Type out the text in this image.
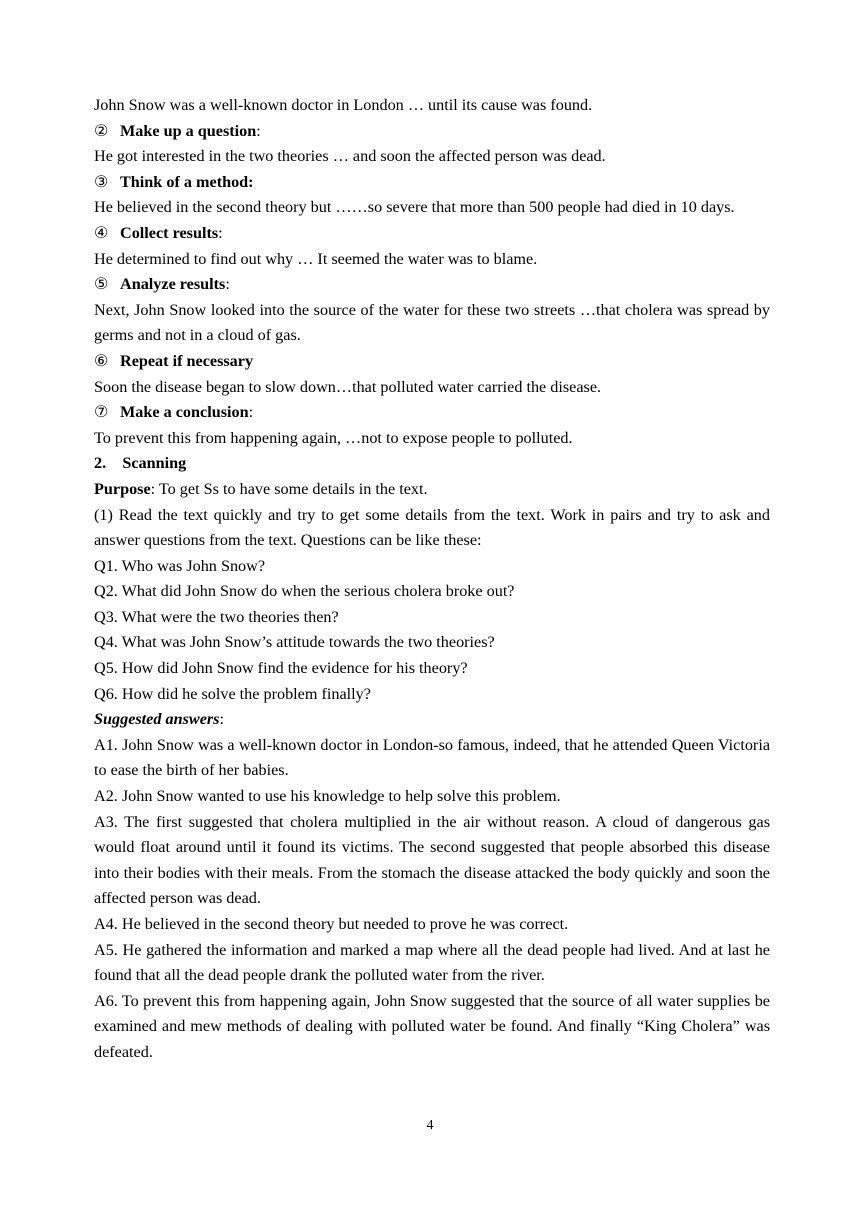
John Snow was a well-known doctor in London … until its cause was found.
② Make up a question:
He got interested in the two theories … and soon the affected person was dead.
③ Think of a method:
He believed in the second theory but ……so severe that more than 500 people had died in 10 days.
④ Collect results:
He determined to find out why … It seemed the water was to blame.
⑤ Analyze results:
Next, John Snow looked into the source of the water for these two streets …that cholera was spread by germs and not in a cloud of gas.
⑥ Repeat if necessary
Soon the disease began to slow down…that polluted water carried the disease.
⑦ Make a conclusion:
To prevent this from happening again, …not to expose people to polluted.
2.    Scanning
Purpose: To get Ss to have some details in the text.
(1) Read the text quickly and try to get some details from the text. Work in pairs and try to ask and answer questions from the text. Questions can be like these:
Q1. Who was John Snow?
Q2. What did John Snow do when the serious cholera broke out?
Q3. What were the two theories then?
Q4. What was John Snow’s attitude towards the two theories?
Q5. How did John Snow find the evidence for his theory?
Q6. How did he solve the problem finally?
Suggested answers:
A1. John Snow was a well-known doctor in London-so famous, indeed, that he attended Queen Victoria to ease the birth of her babies.
A2. John Snow wanted to use his knowledge to help solve this problem.
A3. The first suggested that cholera multiplied in the air without reason. A cloud of dangerous gas would float around until it found its victims. The second suggested that people absorbed this disease into their bodies with their meals. From the stomach the disease attacked the body quickly and soon the affected person was dead.
A4. He believed in the second theory but needed to prove he was correct.
A5. He gathered the information and marked a map where all the dead people had lived. And at last he found that all the dead people drank the polluted water from the river.
A6. To prevent this from happening again, John Snow suggested that the source of all water supplies be examined and mew methods of dealing with polluted water be found. And finally “King Cholera” was defeated.
4
